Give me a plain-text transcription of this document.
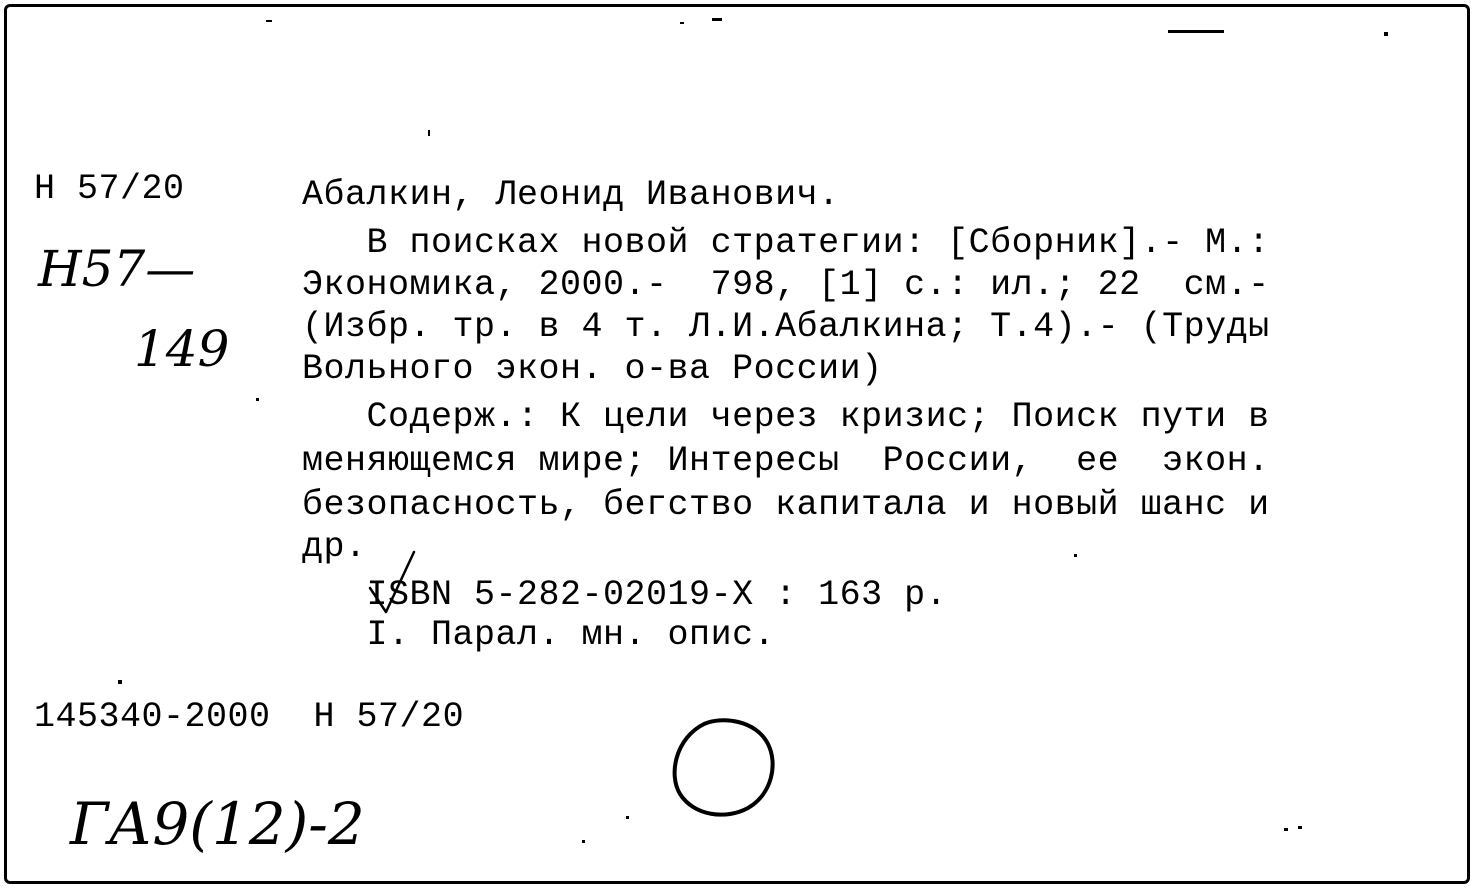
Н 57/20
Н57—
149
Абалкин, Леонид Иванович.
В поисках новой стратегии: [Сборник].- М.:
Экономика, 2000.-  798, [1] с.: ил.; 22  см.-
(Избр. тр. в 4 т. Л.И.Абалкина; Т.4).- (Труды
Вольного экон. о-ва России)
Содерж.: К цели через кризис; Поиск пути в
меняющемся мире; Интересы  России,  ее  экон.
безопасность, бегство капитала и новый шанс и
др.
ISBN 5-282-02019-Х : 163 р.
I. Парал. мн. опис.
145340-2000  Н 57/20
ГА9(12)-2
